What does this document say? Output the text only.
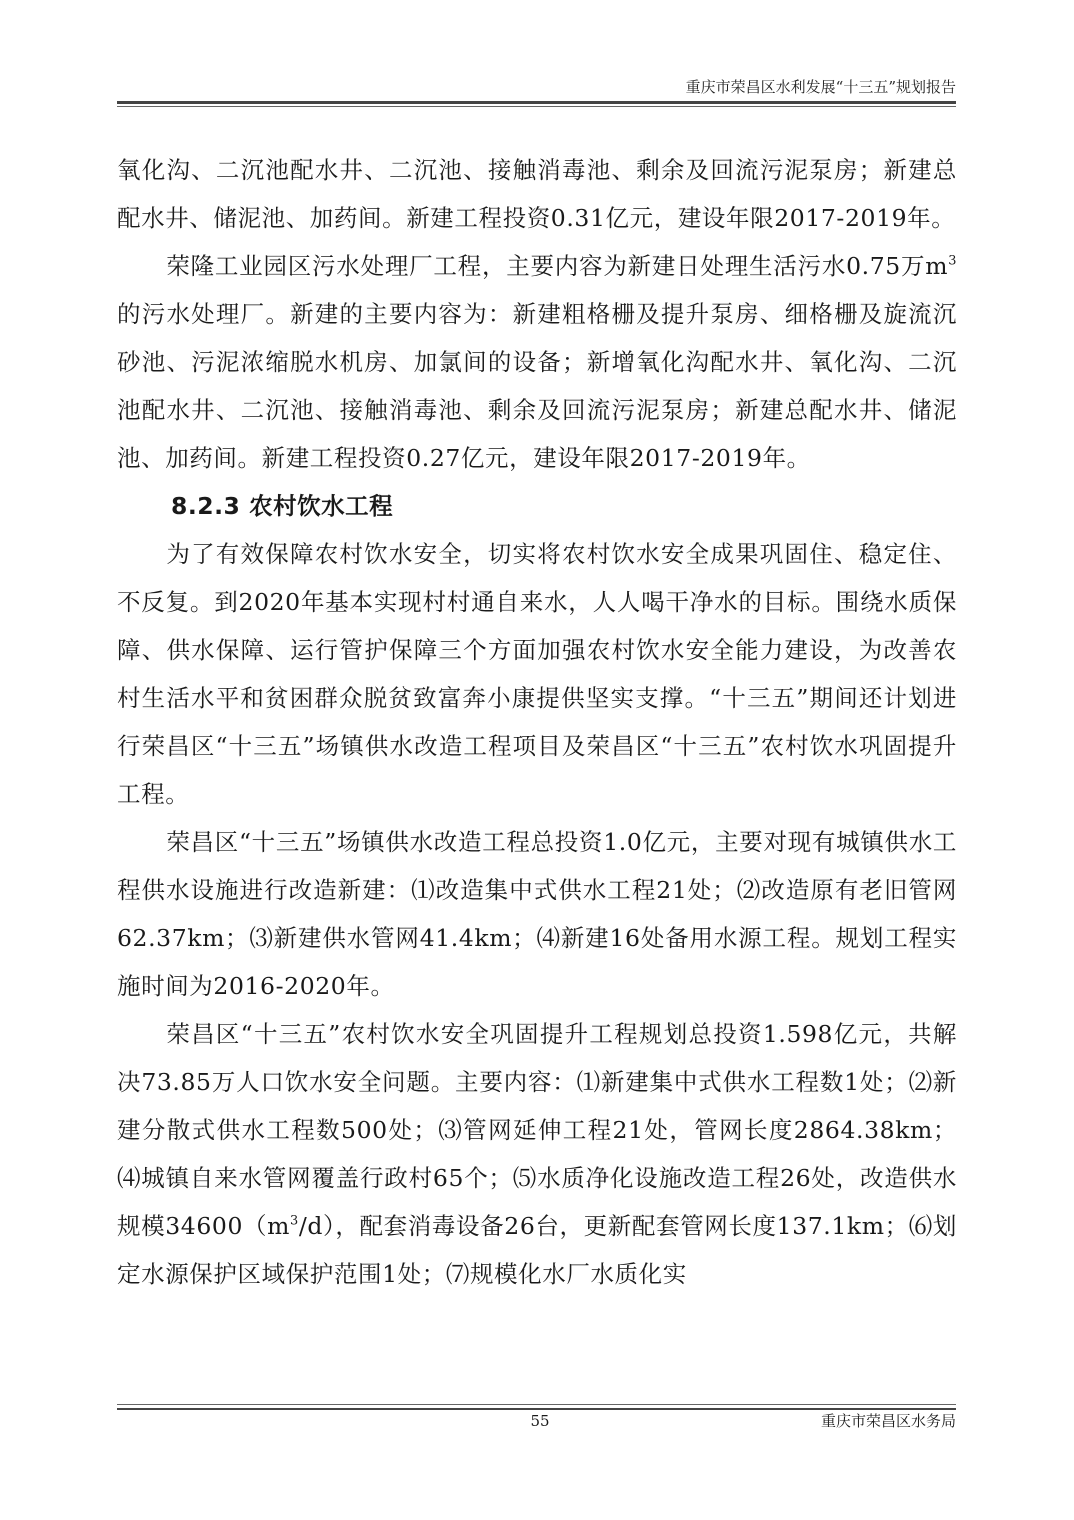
重庆市荣昌区水利发展“十三五”规划报告

氧化沟、二沉池配水井、二沉池、接触消毒池、剩余及回流污泥泵房；新建总配水井、储泥池、加药间。新建工程投资0.31亿元，建设年限2017-2019年。

荣隆工业园区污水处理厂工程，主要内容为新建日处理生活污水0.75万$m^3$的污水处理厂。新建的主要内容为：新建粗格栅及提升泵房、细格栅及旋流沉砂池、污泥浓缩脱水机房、加氯间的设备；新增氧化沟配水井、氧化沟、二沉池配水井、二沉池、接触消毒池、剩余及回流污泥泵房；新建总配水井、储泥池、加药间。新建工程投资0.27亿元，建设年限2017-2019年。

8.2.3 农村饮水工程

为了有效保障农村饮水安全，切实将农村饮水安全成果巩固住、稳定住、不反复。到2020年基本实现村村通自来水，人人喝干净水的目标。围绕水质保障、供水保障、运行管护保障三个方面加强农村饮水安全能力建设，为改善农村生活水平和贫困群众脱贫致富奔小康提供坚实支撑。“十三五”期间还计划进行荣昌区“十三五”场镇供水改造工程项目及荣昌区“十三五”农村饮水巩固提升工程。

荣昌区“十三五”场镇供水改造工程总投资1.0亿元，主要对现有城镇供水工程供水设施进行改造新建：⑴改造集中式供水工程21处；⑵改造原有老旧管网62.37km；⑶新建供水管网41.4km；⑷新建16处备用水源工程。规划工程实施时间为2016-2020年。

荣昌区“十三五”农村饮水安全巩固提升工程规划总投资1.598亿元，共解决73.85万人口饮水安全问题。主要内容：⑴新建集中式供水工程数1处；⑵新建分散式供水工程数500处；⑶管网延伸工程21处，管网长度2864.38km；⑷城镇自来水管网覆盖行政村65个；⑸水质净化设施改造工程26处，改造供水规模$34600(m^3/d)$，配套消毒设备26台，更新配套管网长度137.1km；⑹划定水源保护区域保护范围1处；⑺规模化水厂水质化实

55	重庆市荣昌区水务局
